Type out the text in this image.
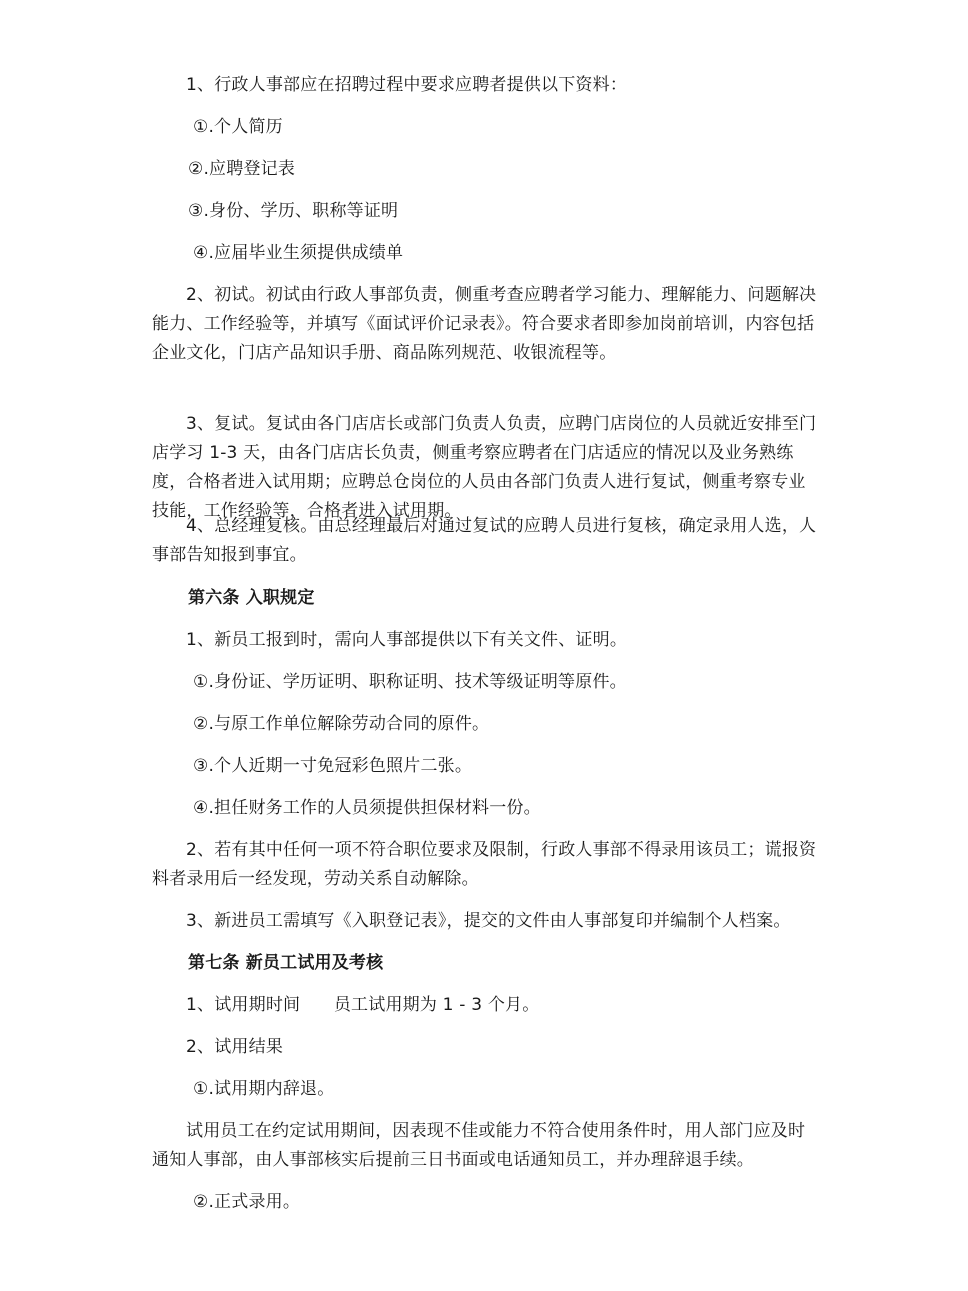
1、行政人事部应在招聘过程中要求应聘者提供以下资料：

①.个人简历

②.应聘登记表

③.身份、学历、职称等证明

④.应届毕业生须提供成绩单

2、初试。初试由行政人事部负责，侧重考查应聘者学习能力、理解能力、问题解决能力、工作经验等，并填写《面试评价记录表》。符合要求者即参加岗前培训，内容包括企业文化，门店产品知识手册、商品陈列规范、收银流程等。

3、复试。复试由各门店店长或部门负责人负责，应聘门店岗位的人员就近安排至门店学习 1-3 天，由各门店店长负责，侧重考察应聘者在门店适应的情况以及业务熟练度，合格者进入试用期；应聘总仓岗位的人员由各部门负责人进行复试，侧重考察专业技能，工作经验等，合格者进入试用期。

4、总经理复核。由总经理最后对通过复试的应聘人员进行复核，确定录用人选，人事部告知报到事宜。

第六条 入职规定

1、新员工报到时，需向人事部提供以下有关文件、证明。

①.身份证、学历证明、职称证明、技术等级证明等原件。

②.与原工作单位解除劳动合同的原件。

③.个人近期一寸免冠彩色照片二张。

④.担任财务工作的人员须提供担保材料一份。

2、若有其中任何一项不符合职位要求及限制，行政人事部不得录用该员工；谎报资料者录用后一经发现，劳动关系自动解除。

3、新进员工需填写《入职登记表》，提交的文件由人事部复印并编制个人档案。

第七条 新员工试用及考核

1、试用期时间      员工试用期为 1 - 3 个月。

2、试用结果

①.试用期内辞退。

试用员工在约定试用期间，因表现不佳或能力不符合使用条件时，用人部门应及时通知人事部，由人事部核实后提前三日书面或电话通知员工，并办理辞退手续。

②.正式录用。
